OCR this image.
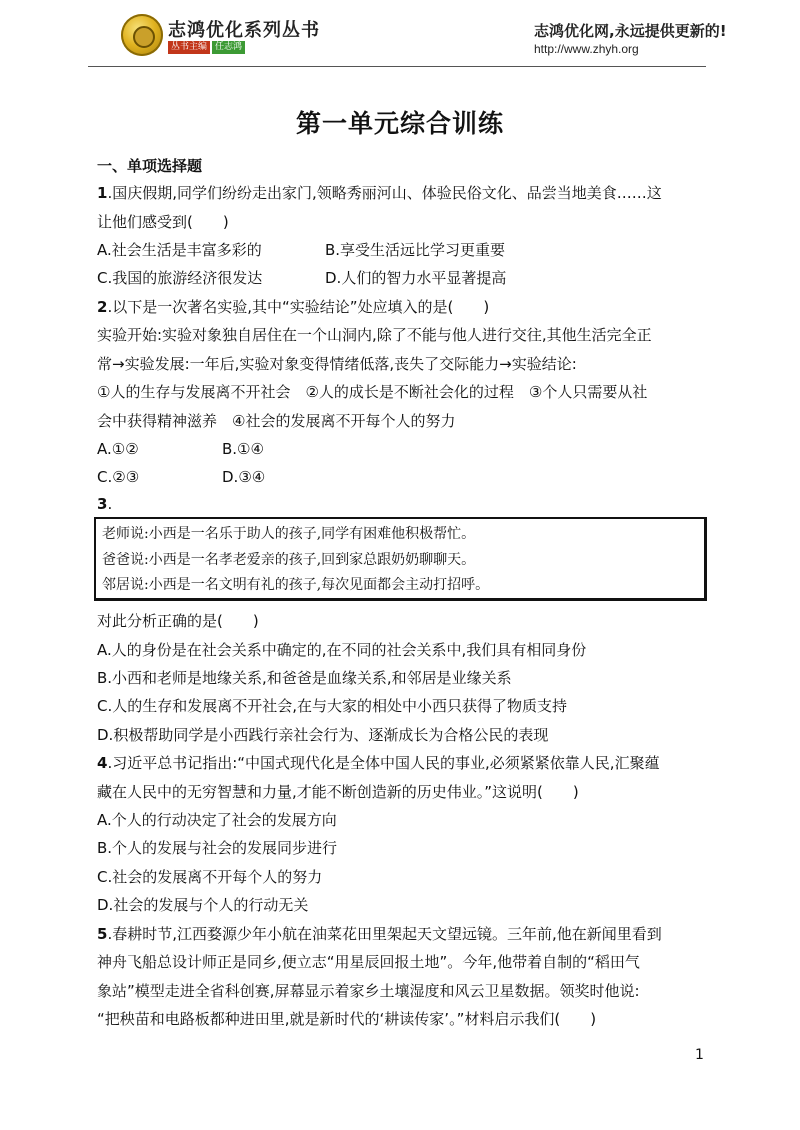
志鸿优化系列丛书
丛书主编 任志鸿
志鸿优化网,永远提供更新的!
http://www.zhyh.org
第一单元综合训练
一、单项选择题
1.国庆假期,同学们纷纷走出家门,领略秀丽河山、体验民俗文化、品尝当地美食……这
让他们感受到(　　)
A.社会生活是丰富多彩的	B.享受生活远比学习更重要
C.我国的旅游经济很发达	D.人们的智力水平显著提高
2.以下是一次著名实验,其中“实验结论”处应填入的是(　　)
实验开始:实验对象独自居住在一个山洞内,除了不能与他人进行交往,其他生活完全正
常→实验发展:一年后,实验对象变得情绪低落,丧失了交际能力→实验结论:
①人的生存与发展离不开社会　②人的成长是不断社会化的过程　③个人只需要从社
会中获得精神滋养　④社会的发展离不开每个人的努力
A.①②	B.①④
C.②③	D.③④
3.
老师说:小西是一名乐于助人的孩子,同学有困难他积极帮忙。
爸爸说:小西是一名孝老爱亲的孩子,回到家总跟奶奶聊聊天。
邻居说:小西是一名文明有礼的孩子,每次见面都会主动打招呼。
对此分析正确的是(　　)
A.人的身份是在社会关系中确定的,在不同的社会关系中,我们具有相同身份
B.小西和老师是地缘关系,和爸爸是血缘关系,和邻居是业缘关系
C.人的生存和发展离不开社会,在与大家的相处中小西只获得了物质支持
D.积极帮助同学是小西践行亲社会行为、逐渐成长为合格公民的表现
4.习近平总书记指出:“中国式现代化是全体中国人民的事业,必须紧紧依靠人民,汇聚蕴
藏在人民中的无穷智慧和力量,才能不断创造新的历史伟业。”这说明(　　)
A.个人的行动决定了社会的发展方向
B.个人的发展与社会的发展同步进行
C.社会的发展离不开每个人的努力
D.社会的发展与个人的行动无关
5.春耕时节,江西婺源少年小航在油菜花田里架起天文望远镜。三年前,他在新闻里看到
神舟飞船总设计师正是同乡,便立志“用星辰回报土地”。今年,他带着自制的“稻田气
象站”模型走进全省科创赛,屏幕显示着家乡土壤湿度和风云卫星数据。领奖时他说:
“把秧苗和电路板都种进田里,就是新时代的‘耕读传家’。”材料启示我们(　　)
1
